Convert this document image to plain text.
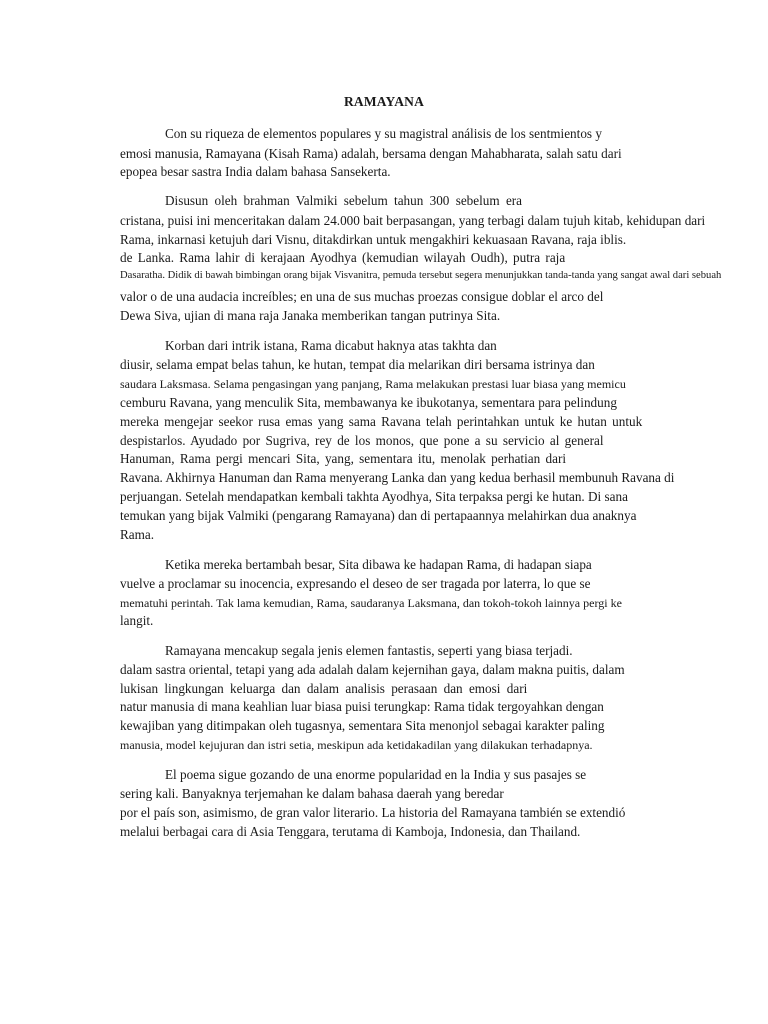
RAMAYANA
Con su riqueza de elementos populares y su magistral análisis de los sentmientos y
emosi manusia, Ramayana (Kisah Rama) adalah, bersama dengan Mahabharata, salah satu dari
epopea besar sastra India dalam bahasa Sansekerta.
Disusun oleh brahman Valmiki sebelum tahun 300 sebelum era
cristana, puisi ini menceritakan dalam 24.000 bait berpasangan, yang terbagi dalam tujuh kitab, kehidupan dari
Rama, inkarnasi ketujuh dari Visnu, ditakdirkan untuk mengakhiri kekuasaan Ravana, raja iblis.
de Lanka. Rama lahir di kerajaan Ayodhya (kemudian wilayah Oudh), putra raja
Dasaratha. Didik di bawah bimbingan orang bijak Visvanitra, pemuda tersebut segera menunjukkan tanda-tanda yang sangat awal dari sebuah
valor o de una audacia increíbles; en una de sus muchas proezas consigue doblar el arco del
Dewa Siva, ujian di mana raja Janaka memberikan tangan putrinya Sita.
Korban dari intrik istana, Rama dicabut haknya atas takhta dan
diusir, selama empat belas tahun, ke hutan, tempat dia melarikan diri bersama istrinya dan
saudara Laksmasa. Selama pengasingan yang panjang, Rama melakukan prestasi luar biasa yang memicu
cemburu Ravana, yang menculik Sita, membawanya ke ibukotanya, sementara para pelindung
mereka mengejar seekor rusa emas yang sama Ravana telah perintahkan untuk ke hutan untuk
despistarlos. Ayudado por Sugriva, rey de los monos, que pone a su servicio al general
Hanuman, Rama pergi mencari Sita, yang, sementara itu, menolak perhatian dari
Ravana. Akhirnya Hanuman dan Rama menyerang Lanka dan yang kedua berhasil membunuh Ravana di
perjuangan. Setelah mendapatkan kembali takhta Ayodhya, Sita terpaksa pergi ke hutan. Di sana
temukan yang bijak Valmiki (pengarang Ramayana) dan di pertapaannya melahirkan dua anaknya
Rama.
Ketika mereka bertambah besar, Sita dibawa ke hadapan Rama, di hadapan siapa
vuelve a proclamar su inocencia, expresando el deseo de ser tragada por laterra, lo que se
mematuhi perintah. Tak lama kemudian, Rama, saudaranya Laksmana, dan tokoh-tokoh lainnya pergi ke
langit.
Ramayana mencakup segala jenis elemen fantastis, seperti yang biasa terjadi.
dalam sastra oriental, tetapi yang ada adalah dalam kejernihan gaya, dalam makna puitis, dalam
lukisan lingkungan keluarga dan dalam analisis perasaan dan emosi dari
natur manusia di mana keahlian luar biasa puisi terungkap: Rama tidak tergoyahkan dengan
kewajiban yang ditimpakan oleh tugasnya, sementara Sita menonjol sebagai karakter paling
manusia, model kejujuran dan istri setia, meskipun ada ketidakadilan yang dilakukan terhadapnya.
El poema sigue gozando de una enorme popularidad en la India y sus pasajes se
sering kali. Banyaknya terjemahan ke dalam bahasa daerah yang beredar
por el país son, asimismo, de gran valor literario. La historia del Ramayana también se extendió
melalui berbagai cara di Asia Tenggara, terutama di Kamboja, Indonesia, dan Thailand.
